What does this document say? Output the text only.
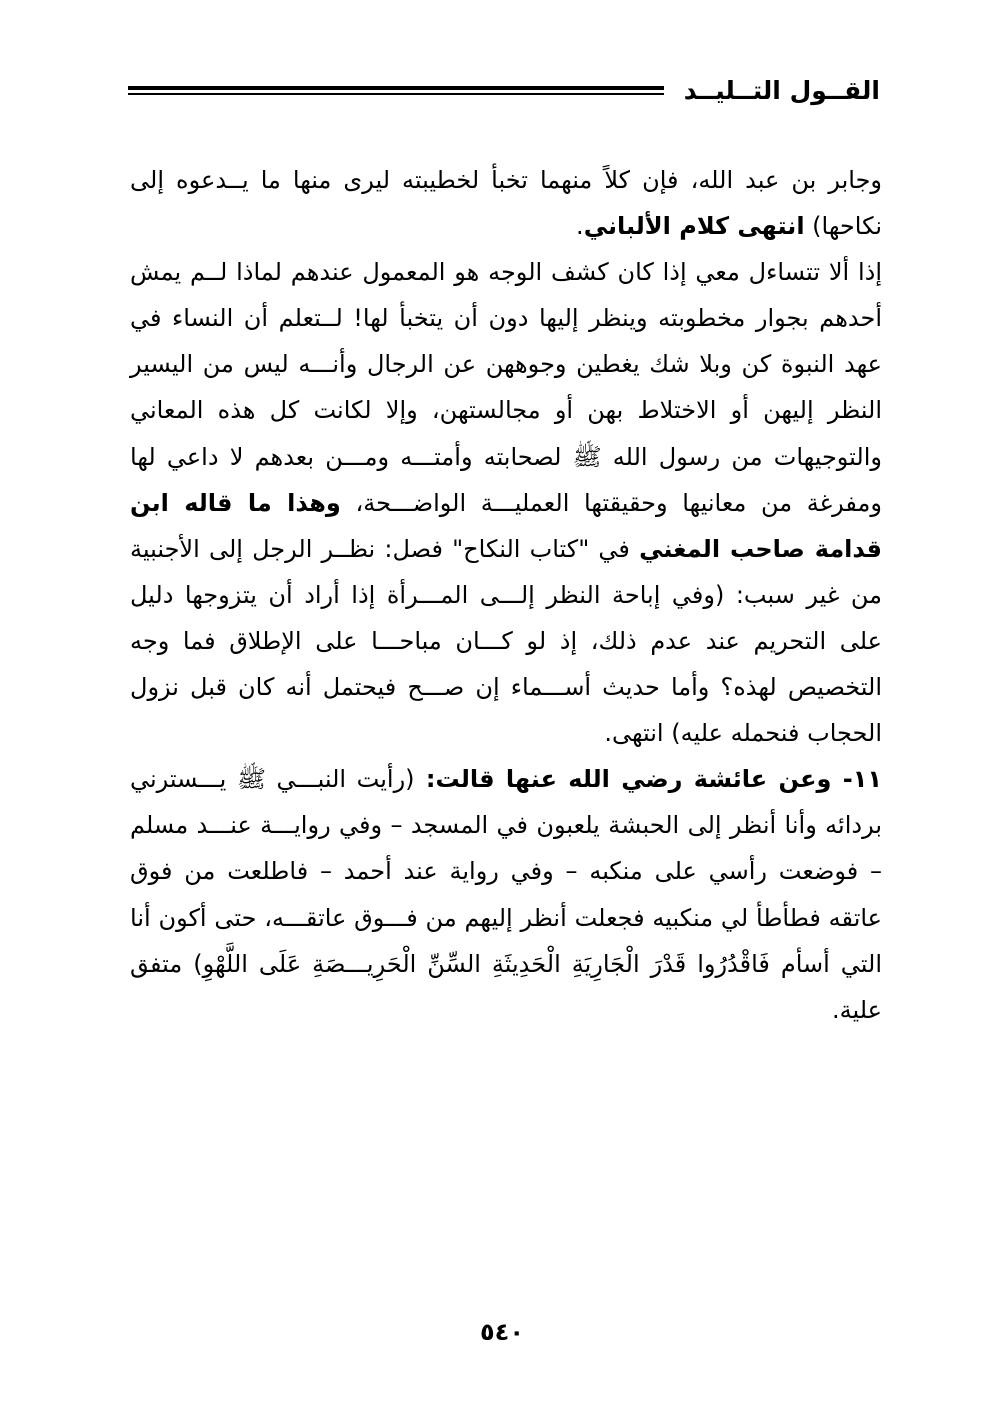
القــول التــليــد

وجابر بن عبد الله، فإن كلاً منهما تخبأ لخطيبته ليرى منها ما يــدعوه إلى نكاحها) انتهى كلام الألباني.

إذا ألا تتساءل معي إذا كان كشف الوجه هو المعمول عندهم لماذا لــم يمش أحدهم بجوار مخطوبته وينظر إليها دون أن يتخبأ لها! لــتعلم أن النساء في عهد النبوة كن وبلا شك يغطين وجوههن عن الرجال وأنـــه ليس من اليسير النظر إليهن أو الاختلاط بهن أو مجالستهن، وإلا لكانت كل هذه المعاني والتوجيهات من رسول الله ﷺ لصحابته وأمتـــه ومـــن بعدهم لا داعي لها ومفرغة من معانيها وحقيقتها العمليـــة الواضـــحة، وهذا ما قاله ابن قدامة صاحب المغني في "كتاب النكاح" فصل: نظــر الرجل إلى الأجنبية من غير سبب: (وفي إباحة النظر إلـــى المـــرأة إذا أراد أن يتزوجها دليل على التحريم عند عدم ذلك، إذ لو كـــان مباحـــا على الإطلاق فما وجه التخصيص لهذه؟ وأما حديث أســـماء إن صـــح فيحتمل أنه كان قبل نزول الحجاب فنحمله عليه) انتهى.

١١- وعن عائشة رضي الله عنها قالت: (رأيت النبـــي ﷺ يـــسترني بردائه وأنا أنظر إلى الحبشة يلعبون في المسجد – وفي روايـــة عنـــد مسلم – فوضعت رأسي على منكبه – وفي رواية عند أحمد – فاطلعت من فوق عاتقه فطأطأ لي منكبيه فجعلت أنظر إليهم من فـــوق عاتقـــه، حتى أكون أنا التي أسأم فَاقْدُرُوا قَدْرَ الْجَارِيَةِ الْحَدِيثَةِ السِّنِّ الْحَرِيـــصَةِ عَلَى اللَّهْوِ) متفق علية.

٥٤٠
